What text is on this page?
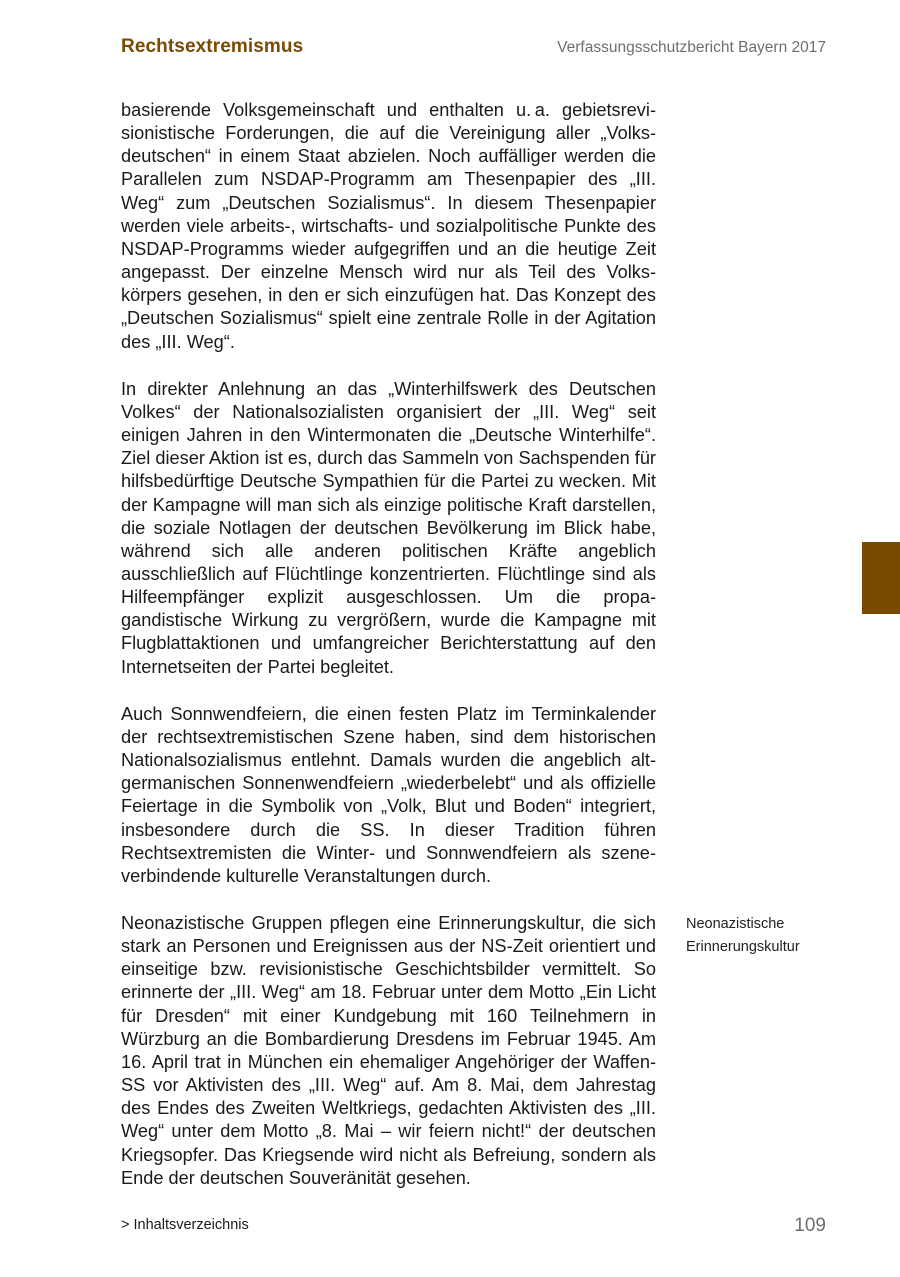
Rechtsextremismus	Verfassungsschutzbericht Bayern 2017

basierende Volksgemeinschaft und enthalten u. a. gebietsrevisionistische Forderungen, die auf die Vereinigung aller „Volksdeutschen“ in einem Staat abzielen. Noch auffälliger werden die Parallelen zum NSDAP-Programm am Thesenpapier des „III. Weg“ zum „Deutschen Sozialismus“. In diesem Thesenpapier werden viele arbeits-, wirtschafts- und sozialpolitische Punkte des NSDAP-Programms wieder aufgegriffen und an die heutige Zeit angepasst. Der einzelne Mensch wird nur als Teil des Volkskörpers gesehen, in den er sich einzufügen hat. Das Konzept des „Deutschen Sozialismus“ spielt eine zentrale Rolle in der Agitation des „III. Weg“.

In direkter Anlehnung an das „Winterhilfswerk des Deutschen Volkes“ der Nationalsozialisten organisiert der „III. Weg“ seit einigen Jahren in den Wintermonaten die „Deutsche Winterhilfe“. Ziel dieser Aktion ist es, durch das Sammeln von Sachspenden für hilfsbedürftige Deutsche Sympathien für die Partei zu wecken. Mit der Kampagne will man sich als einzige politische Kraft darstellen, die soziale Notlagen der deutschen Bevölkerung im Blick habe, während sich alle anderen politischen Kräfte angeblich ausschließlich auf Flüchtlinge konzentrierten. Flüchtlinge sind als Hilfeempfänger explizit ausgeschlossen. Um die propagandistische Wirkung zu vergrößern, wurde die Kampagne mit Flugblattaktionen und umfangreicher Berichterstattung auf den Internetseiten der Partei begleitet.

Auch Sonnwendfeiern, die einen festen Platz im Terminkalender der rechtsextremistischen Szene haben, sind dem historischen Nationalsozialismus entlehnt. Damals wurden die angeblich altgermanischen Sonnenwendfeiern „wiederbelebt“ und als offizielle Feiertage in die Symbolik von „Volk, Blut und Boden“ integriert, insbesondere durch die SS. In dieser Tradition führen Rechtsextremisten die Winter- und Sonnwendfeiern als szeneverbindende kulturelle Veranstaltungen durch.

Neonazistische Gruppen pflegen eine Erinnerungskultur, die sich stark an Personen und Ereignissen aus der NS-Zeit orientiert und einseitige bzw. revisionistische Geschichtsbilder vermittelt. So erinnerte der „III. Weg“ am 18. Februar unter dem Motto „Ein Licht für Dresden“ mit einer Kundgebung mit 160 Teilnehmern in Würzburg an die Bombardierung Dresdens im Februar 1945. Am 16. April trat in München ein ehemaliger Angehöriger der Waffen-SS vor Aktivisten des „III. Weg“ auf. Am 8. Mai, dem Jahrestag des Endes des Zweiten Weltkriegs, gedachten Aktivisten des „III. Weg“ unter dem Motto „8. Mai – wir feiern nicht!“ der deutschen Kriegsopfer. Das Kriegsende wird nicht als Befreiung, sondern als Ende der deutschen Souveränität gesehen.

Neonazistische
Erinnerungskultur
> Inhaltsverzeichnis	109
